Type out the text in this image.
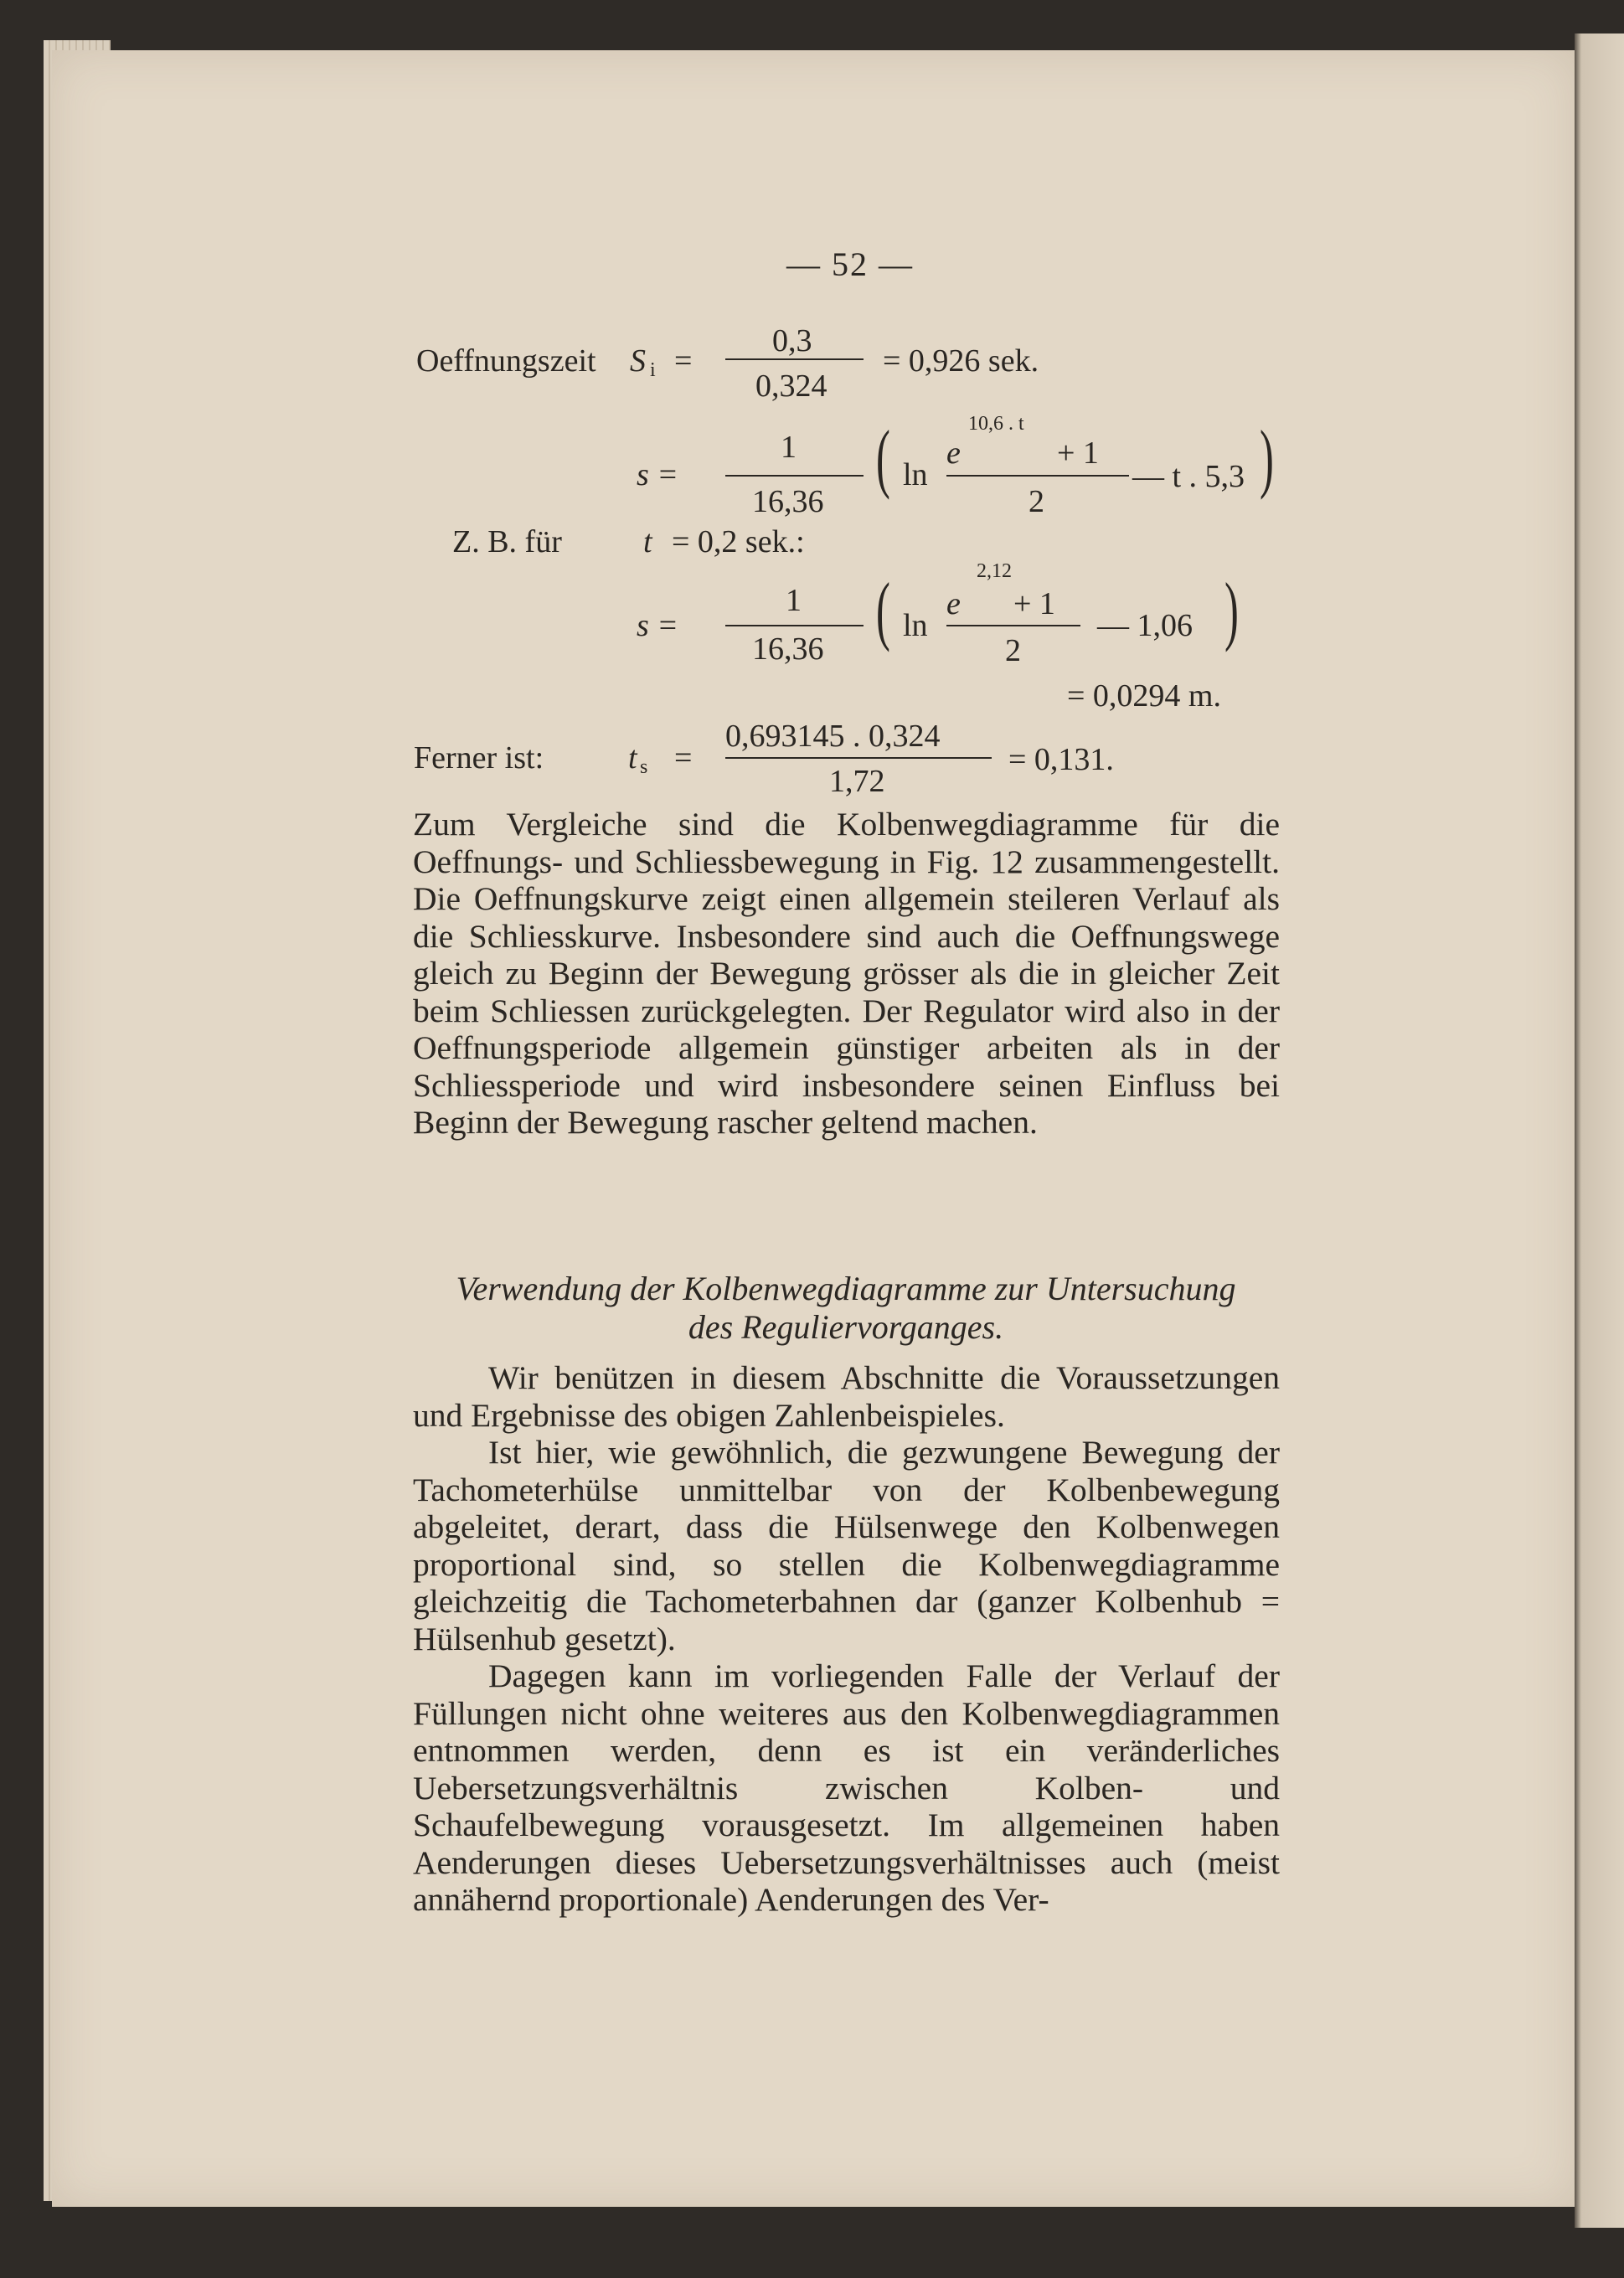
— 52 —
Oeffnungszeit S i =
0,3
0,324
= 0,926 sek.
s =
1
16,36
( ln
e
10,6 . t
+ 1
2
— t . 5,3 )
Z. B. für	t = 0,2 sek.:
s =
1
16,36 ( ln
e
2,12
+ 1
2
— 1,06 )
= 0,0294 m.
Ferner ist:	t s =
0,693145 . 0,324
1,72
= 0,131.

Zum Vergleiche sind die Kolbenwegdiagramme für die Oeffnungs- und Schliessbewegung in Fig. 12 zusammengestellt. Die Oeffnungskurve zeigt einen allgemein steileren Verlauf als die Schliesskurve. Insbesondere sind auch die Oeffnungswege gleich zu Beginn der Bewegung grösser als die in gleicher Zeit beim Schliessen zurückgelegten. Der Regulator wird also in der Oeffnungsperiode allgemein günstiger arbeiten als in der Schliessperiode und wird insbesondere seinen Einfluss bei Beginn der Bewegung rascher geltend machen.

Verwendung der Kolbenwegdiagramme zur Untersuchung
des Reguliervorganges.

Wir benützen in diesem Abschnitte die Voraussetzungen und Ergebnisse des obigen Zahlenbeispieles.

Ist hier, wie gewöhnlich, die gezwungene Bewegung der Tachometerhülse unmittelbar von der Kolbenbewegung abgeleitet, derart, dass die Hülsenwege den Kolbenwegen proportional sind, so stellen die Kolbenwegdiagramme gleichzeitig die Tachometerbahnen dar (ganzer Kolbenhub = Hülsenhub gesetzt).

Dagegen kann im vorliegenden Falle der Verlauf der Füllungen nicht ohne weiteres aus den Kolbenwegdiagrammen entnommen werden, denn es ist ein veränderliches Uebersetzungsverhältnis zwischen Kolben- und Schaufelbewegung vorausgesetzt. Im allgemeinen haben Aenderungen dieses Uebersetzungsverhältnisses auch (meist annähernd proportionale) Aenderungen des Ver-
